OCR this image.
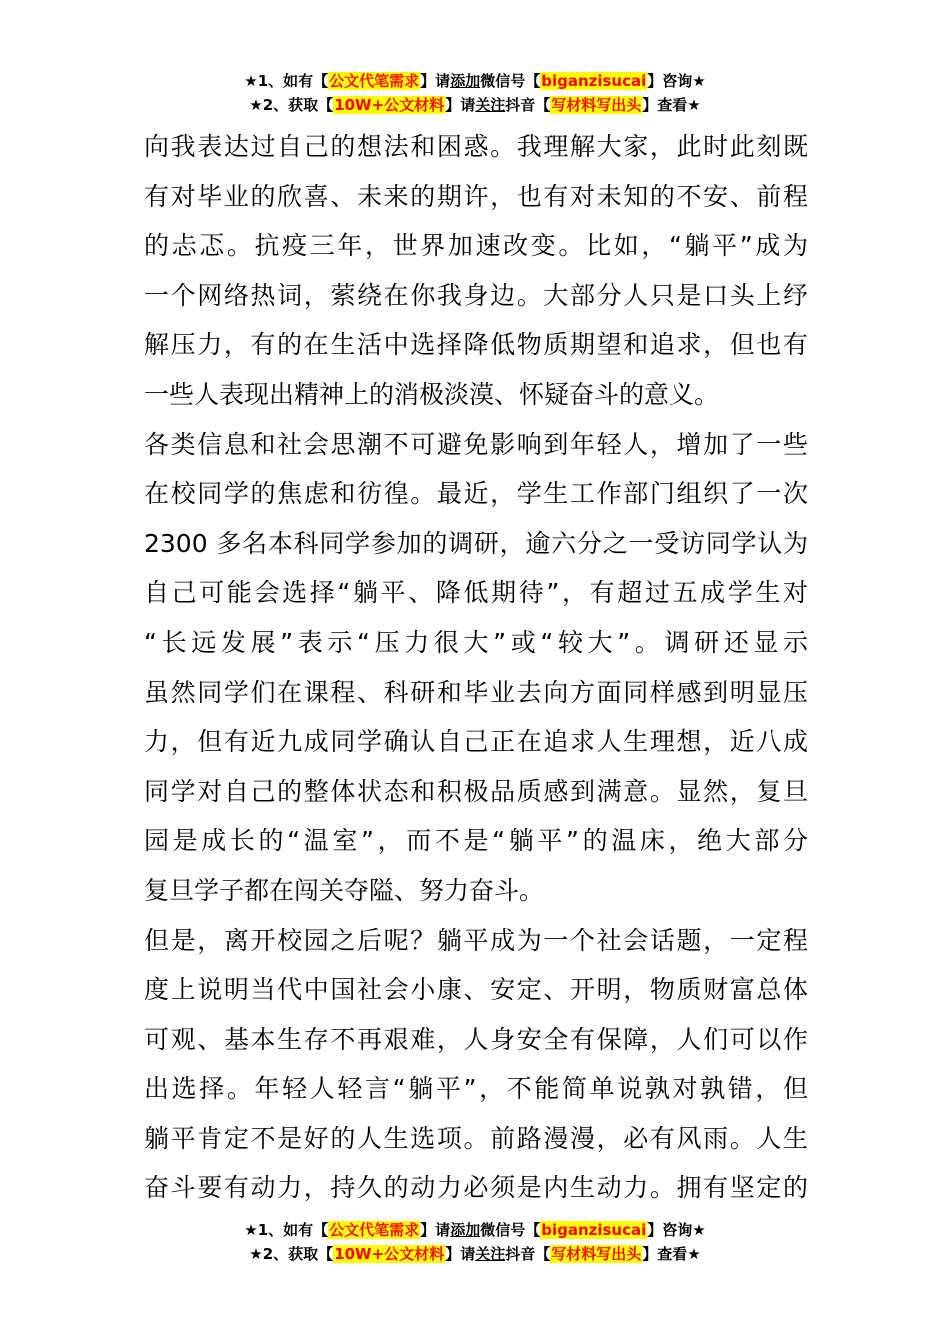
★1、如有【公文代笔需求】请添加微信号【biganzisucai】咨询★
★2、获取【10W+公文材料】请关注抖音【写材料写出头】查看★
向我表达过自己的想法和困惑。我理解大家，此时此刻既
有对毕业的欣喜、未来的期许，也有对未知的不安、前程
的忐忑。抗疫三年，世界加速改变。比如，“躺平”成为
一个网络热词，萦绕在你我身边。大部分人只是口头上纾
解压力，有的在生活中选择降低物质期望和追求，但也有
一些人表现出精神上的消极淡漠、怀疑奋斗的意义。
各类信息和社会思潮不可避免影响到年轻人，增加了一些
在校同学的焦虑和彷徨。最近，学生工作部门组织了一次
2300 多名本科同学参加的调研，逾六分之一受访同学认为
自己可能会选择“躺平、降低期待”，有超过五成学生对
“长远发展”表示“压力很大”或“较大”。调研还显示
虽然同学们在课程、科研和毕业去向方面同样感到明显压
力，但有近九成同学确认自己正在追求人生理想，近八成
同学对自己的整体状态和积极品质感到满意。显然，复旦
园是成长的“温室”，而不是“躺平”的温床，绝大部分
复旦学子都在闯关夺隘、努力奋斗。
但是，离开校园之后呢？躺平成为一个社会话题，一定程
度上说明当代中国社会小康、安定、开明，物质财富总体
可观、基本生存不再艰难，人身安全有保障，人们可以作
出选择。年轻人轻言“躺平”，不能简单说孰对孰错，但
躺平肯定不是好的人生选项。前路漫漫，必有风雨。人生
奋斗要有动力，持久的动力必须是内生动力。拥有坚定的
★1、如有【公文代笔需求】请添加微信号【biganzisucai】咨询★
★2、获取【10W+公文材料】请关注抖音【写材料写出头】查看★
